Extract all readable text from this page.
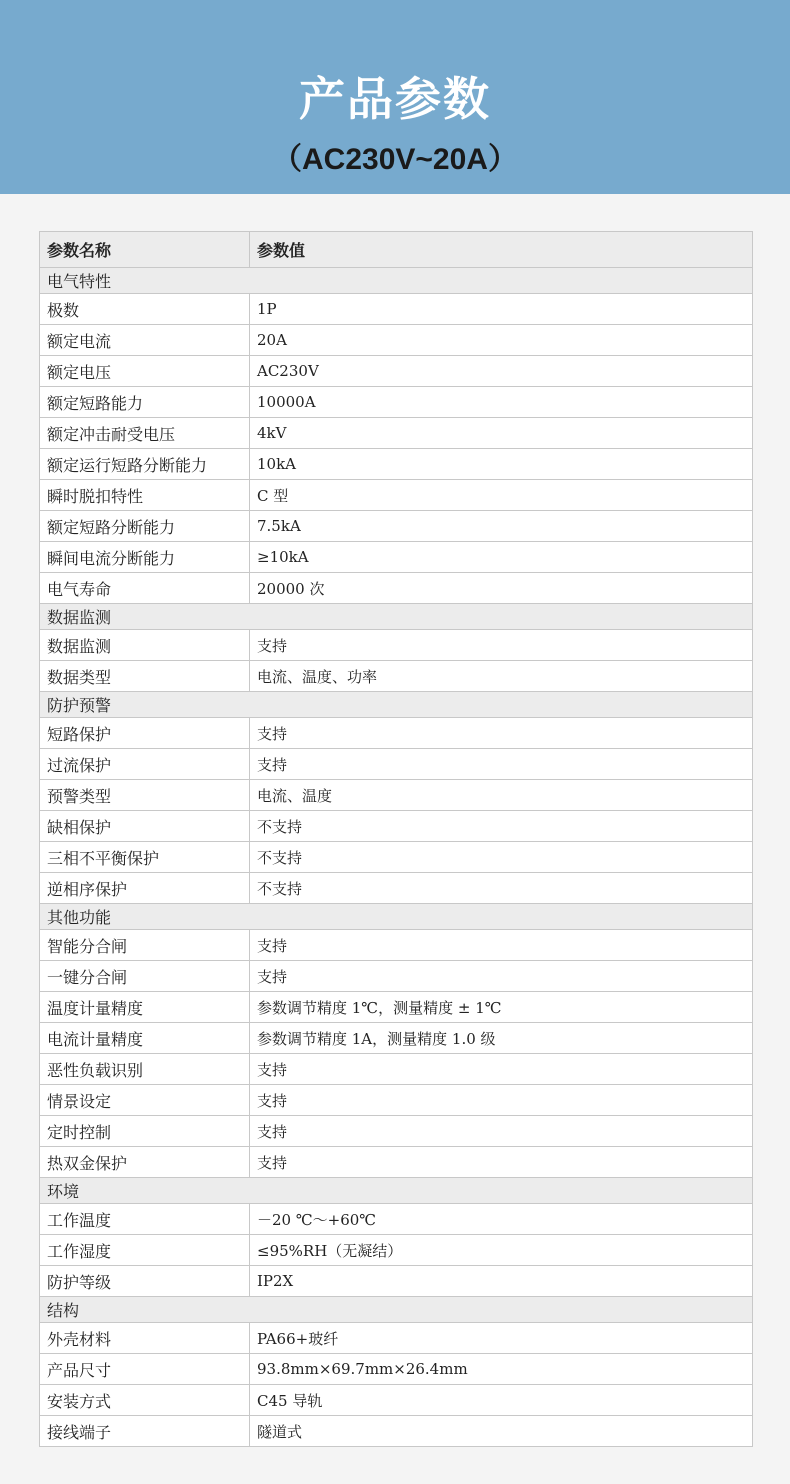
产品参数
（AC230V~20A）
参数名称	参数值
电气特性	
极数	1P
额定电流	20A
额定电压	AC230V
额定短路能力	10000A
额定冲击耐受电压	4kV
额定运行短路分断能力	10kA
瞬时脱扣特性	C 型
额定短路分断能力	7.5kA
瞬间电流分断能力	≥10kA
电气寿命	20000 次
数据监测	
数据监测	支持
数据类型	电流、温度、功率
防护预警	
短路保护	支持
过流保护	支持
预警类型	电流、温度
缺相保护	不支持
三相不平衡保护	不支持
逆相序保护	不支持
其他功能	
智能分合闸	支持
一键分合闸	支持
温度计量精度	参数调节精度 1℃，测量精度 ± 1℃
电流计量精度	参数调节精度 1A，测量精度 1.0 级
恶性负载识别	支持
情景设定	支持
定时控制	支持
热双金保护	支持
环境	
工作温度	－20 ℃～+60℃
工作湿度	≤95%RH（无凝结）
防护等级	IP2X
结构	
外壳材料	PA66+玻纤
产品尺寸	93.8mm×69.7mm×26.4mm
安装方式	C45 导轨
接线端子	隧道式
